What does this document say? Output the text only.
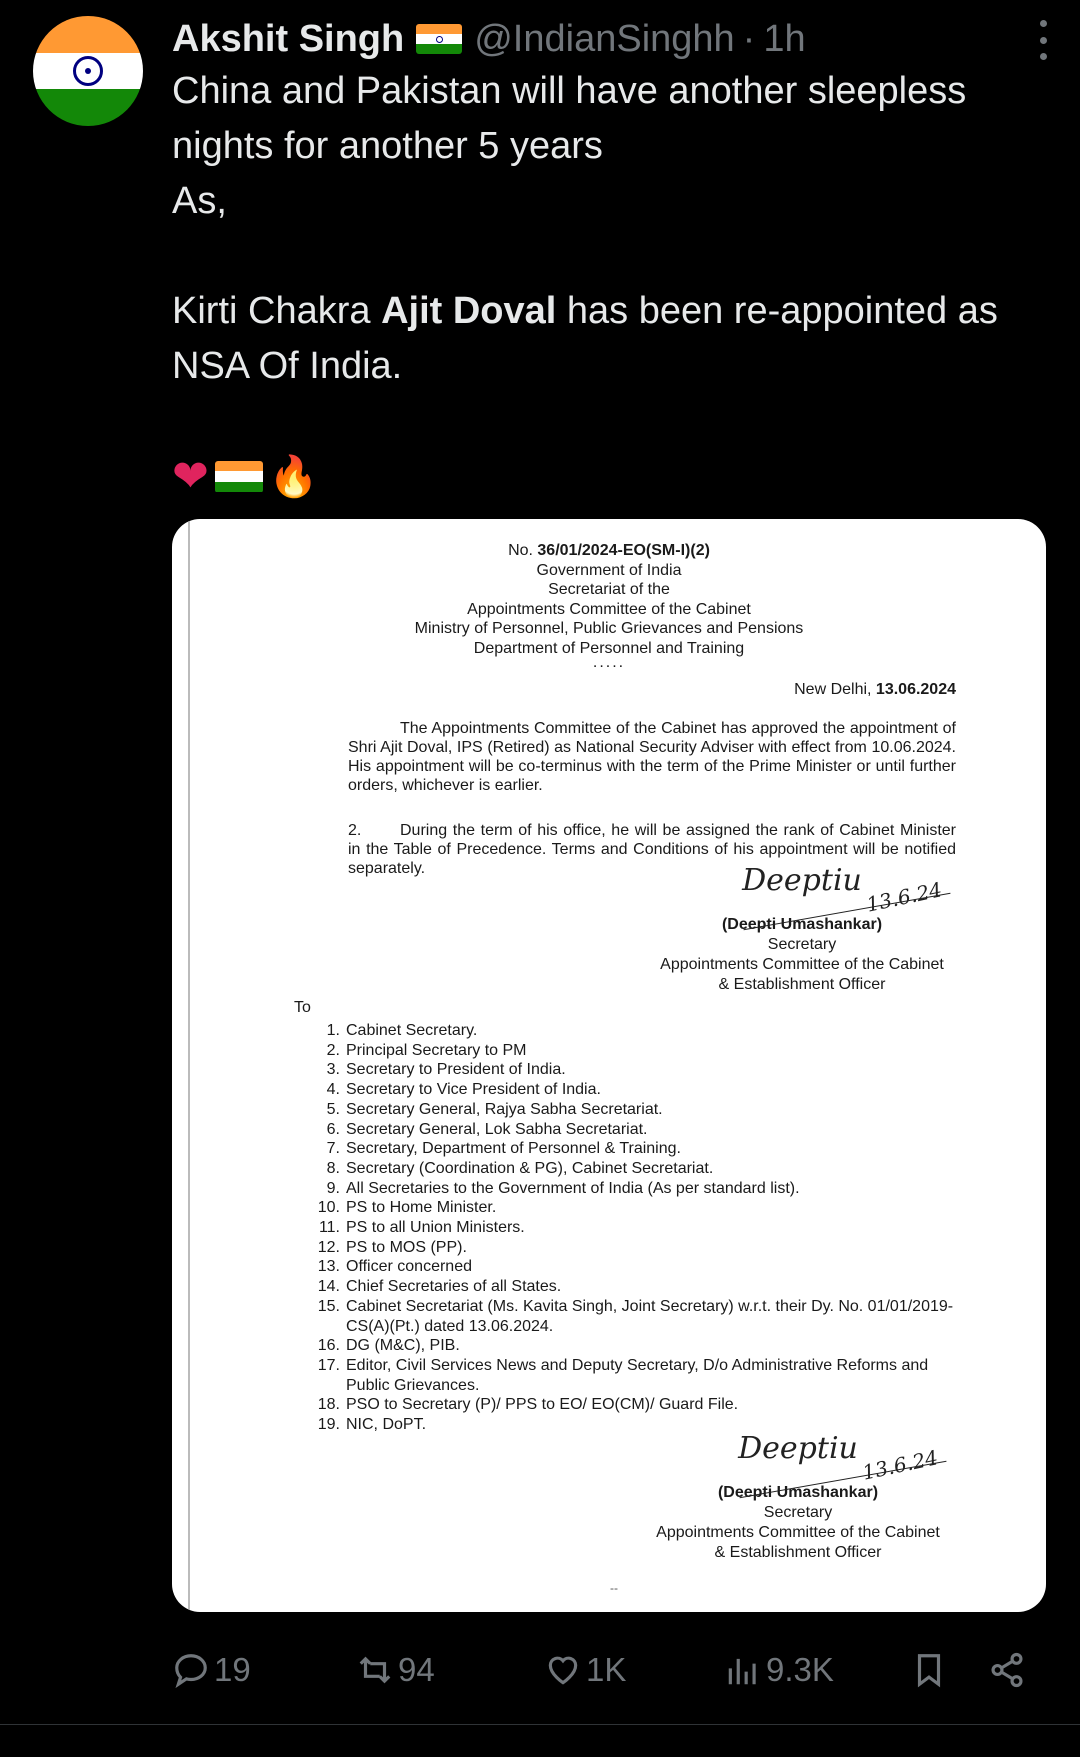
Akshit Singh @IndianSinghh · 1h

China and Pakistan will have another sleepless nights for another 5 years

As,

Kirti Chakra Ajit Doval has been re-appointed as NSA Of India.

❤ 🔥
No. 36/01/2024-EO(SM-I)(2)
Government of India
Secretariat of the
Appointments Committee of the Cabinet
Ministry of Personnel, Public Grievances and Pensions
Department of Personnel and Training
.....
New Delhi, 13.06.2024
The Appointments Committee of the Cabinet has approved the appointment of Shri Ajit Doval, IPS (Retired) as National Security Adviser with effect from 10.06.2024. His appointment will be co-terminus with the term of the Prime Minister or until further orders, whichever is earlier.
2. During the term of his office, he will be assigned the rank of Cabinet Minister in the Table of Precedence. Terms and Conditions of his appointment will be notified separately.	Deeptiu 13.6.24
(Deepti Umashankar)
Secretary
Appointments Committee of the Cabinet
& Establishment Officer
To
1. Cabinet Secretary.
2. Principal Secretary to PM
3. Secretary to President of India.
4. Secretary to Vice President of India.
5. Secretary General, Rajya Sabha Secretariat.
6. Secretary General, Lok Sabha Secretariat.
7. Secretary, Department of Personnel & Training.
8. Secretary (Coordination & PG), Cabinet Secretariat.
9. All Secretaries to the Government of India (As per standard list).
10. PS to Home Minister.
11. PS to all Union Ministers.
12. PS to MOS (PP).
13. Officer concerned
14. Chief Secretaries of all States.
15. Cabinet Secretariat (Ms. Kavita Singh, Joint Secretary) w.r.t. their Dy. No. 01/01/2019-CS(A)(Pt.) dated 13.06.2024.
16. DG (M&C), PIB.
17. Editor, Civil Services News and Deputy Secretary, D/o Administrative Reforms and Public Grievances.
18. PSO to Secretary (P)/ PPS to EO/ EO(CM)/ Guard File.
19. NIC, DoPT.
Deeptiu 13.6.24
(Deepti Umashankar)
Secretary
Appointments Committee of the Cabinet
& Establishment Officer
--
19	94	1K	9.3K
